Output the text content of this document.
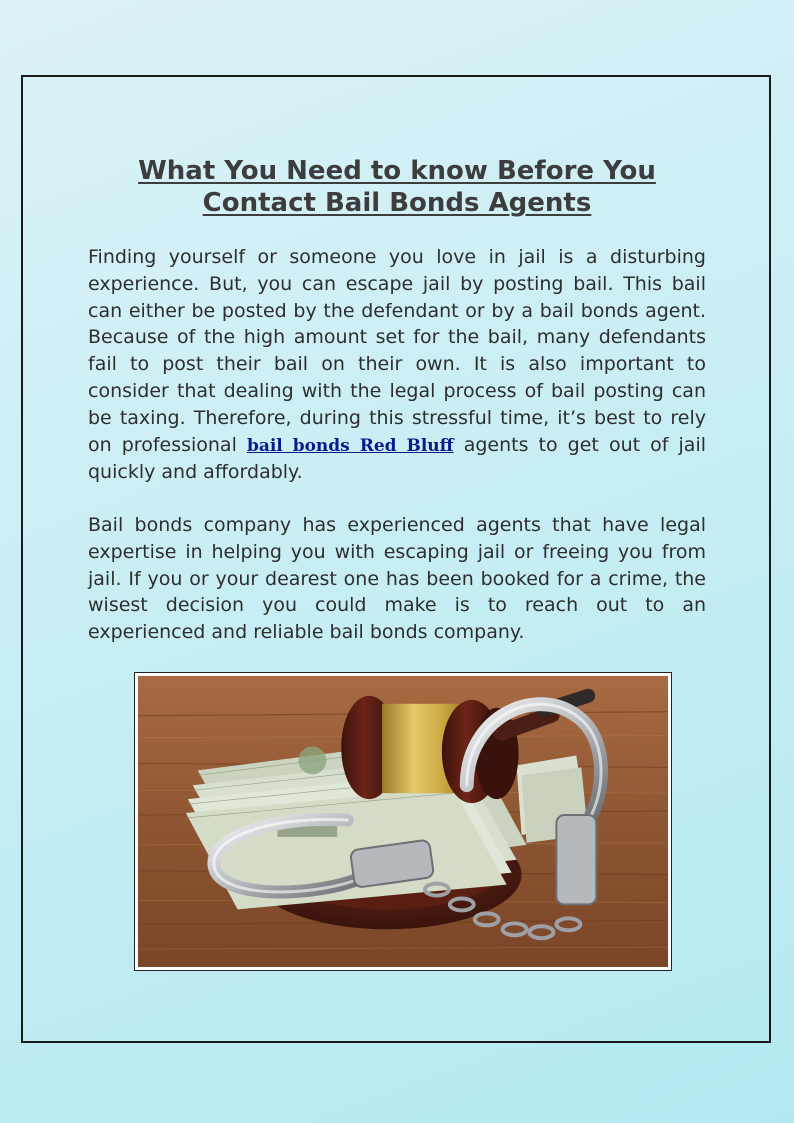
What You Need to know Before You
Contact Bail Bonds Agents

Finding yourself or someone you love in jail is a disturbing experience. But, you can escape jail by posting bail. This bail can either be posted by the defendant or by a bail bonds agent. Because of the high amount set for the bail, many defendants fail to post their bail on their own. It is also important to consider that dealing with the legal process of bail posting can be taxing. Therefore, during this stressful time, it’s best to rely on professional bail bonds Red Bluff agents to get out of jail quickly and affordably.

Bail bonds company has experienced agents that have legal expertise in helping you with escaping jail or freeing you from jail. If you or your dearest one has been booked for a crime, the wisest decision you could make is to reach out to an experienced and reliable bail bonds company.
